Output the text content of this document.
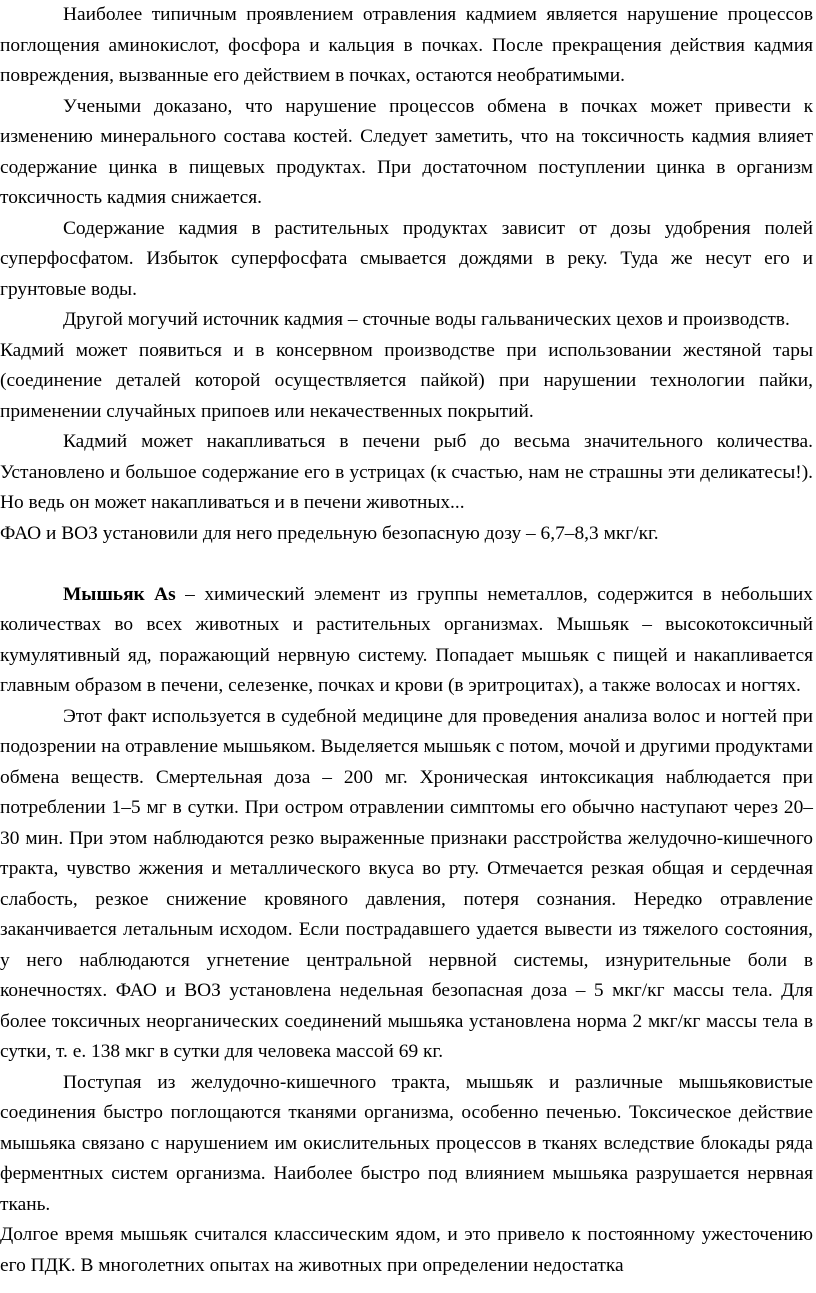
Наиболее типичным проявлением отравления кадмием является нарушение процессов поглощения аминокислот, фосфора и кальция в почках. После прекращения действия кадмия повреждения, вызванные его действием в почках, остаются необратимыми.

Учеными доказано, что нарушение процессов обмена в почках может привести к изменению минерального состава костей. Следует заметить, что на токсичность кадмия влияет содержание цинка в пищевых продуктах. При достаточном поступлении цинка в организм токсичность кадмия снижается.

Содержание кадмия в растительных продуктах зависит от дозы удобрения полей суперфосфатом. Избыток суперфосфата смывается дождями в реку. Туда же несут его и грунтовые воды.

Другой могучий источник кадмия – сточные воды гальванических цехов и производств.

Кадмий может появиться и в консервном производстве при использовании жестяной тары (соединение деталей которой осуществляется пайкой) при нарушении технологии пайки, применении случайных припоев или некачественных покрытий.

Кадмий может накапливаться в печени рыб до весьма значительного количества. Установлено и большое содержание его в устрицах (к счастью, нам не страшны эти деликатесы!). Но ведь он может накапливаться и в печени животных...

ФАО и ВОЗ установили для него предельную безопасную дозу – 6,7–8,3 мкг/кг.

Мышьяк As – химический элемент из группы неметаллов, содержится в небольших количествах во всех животных и растительных организмах. Мышьяк – высокотоксичный кумулятивный яд, поражающий нервную систему. Попадает мышьяк с пищей и накапливается главным образом в печени, селезенке, почках и крови (в эритроцитах), а также волосах и ногтях.

Этот факт используется в судебной медицине для проведения анализа волос и ногтей при подозрении на отравление мышьяком. Выделяется мышьяк с потом, мочой и другими продуктами обмена веществ. Смертельная доза – 200 мг. Хроническая интоксикация наблюдается при потреблении 1–5 мг в сутки. При остром отравлении симптомы его обычно наступают через 20–30 мин. При этом наблюдаются резко выраженные признаки расстройства желудочно-кишечного тракта, чувство жжения и металлического вкуса во рту. Отмечается резкая общая и сердечная слабость, резкое снижение кровяного давления, потеря сознания. Нередко отравление заканчивается летальным исходом. Если пострадавшего удается вывести из тяжелого состояния, у него наблюдаются угнетение центральной нервной системы, изнурительные боли в конечностях. ФАО и ВОЗ установлена недельная безопасная доза – 5 мкг/кг массы тела. Для более токсичных неорганических соединений мышьяка установлена норма 2 мкг/кг массы тела в сутки, т. е. 138 мкг в сутки для человека массой 69 кг.

Поступая из желудочно-кишечного тракта, мышьяк и различные мышьяковистые соединения быстро поглощаются тканями организма, особенно печенью. Токсическое действие мышьяка связано с нарушением им окислительных процессов в тканях вследствие блокады ряда ферментных систем организма. Наиболее быстро под влиянием мышьяка разрушается нервная ткань.

Долгое время мышьяк считался классическим ядом, и это привело к постоянному ужесточению его ПДК. В многолетних опытах на животных при определении недостатка
